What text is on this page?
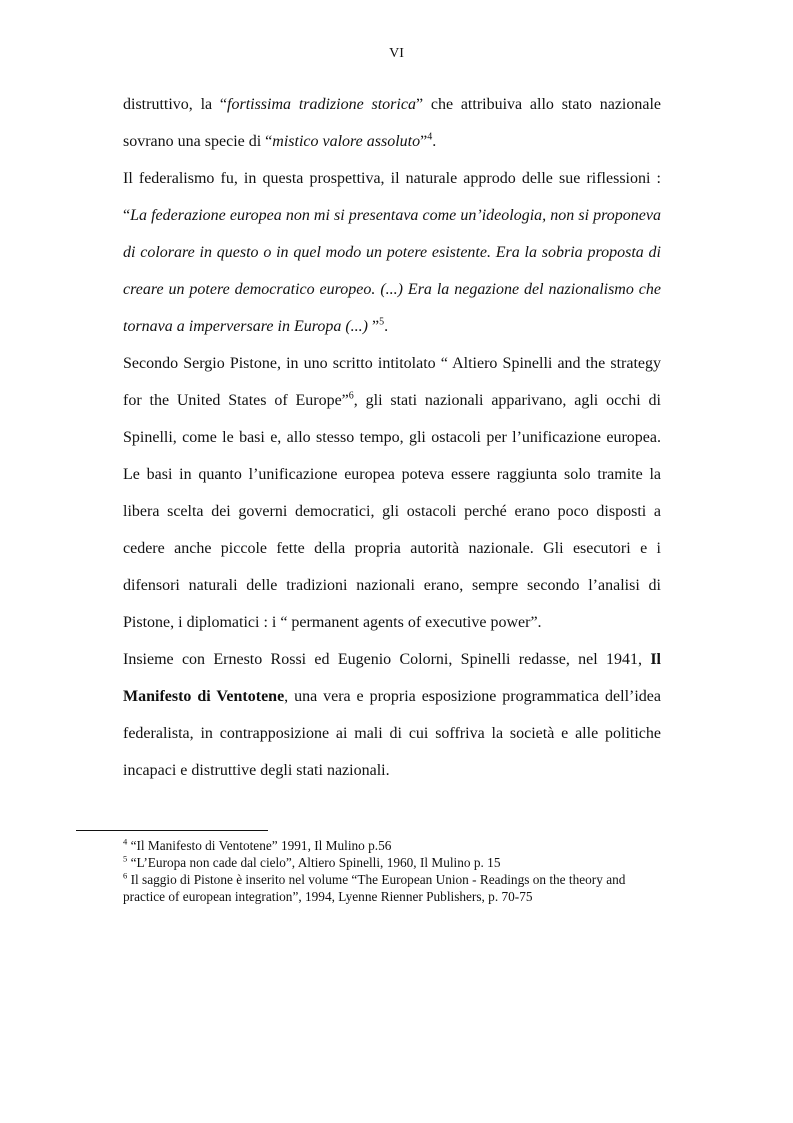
VI

distruttivo, la “fortissima tradizione storica” che attribuiva allo stato nazionale sovrano una specie di “mistico valore assoluto”$^4$.

Il federalismo fu, in questa prospettiva, il naturale approdo delle sue riflessioni : “La federazione europea non mi si presentava come un’ideologia, non si proponeva di colorare in questo o in quel modo un potere esistente. Era la sobria proposta di creare un potere democratico europeo. (...) Era la negazione del nazionalismo che tornava a imperversare in Europa (...) ”$^5$.

Secondo Sergio Pistone, in uno scritto intitolato “ Altiero Spinelli and the strategy for the United States of Europe”$^6$, gli stati nazionali apparivano, agli occhi di Spinelli, come le basi e, allo stesso tempo, gli ostacoli per l’unificazione europea. Le basi in quanto l’unificazione europea poteva essere raggiunta solo tramite la libera scelta dei governi democratici, gli ostacoli perché erano poco disposti a cedere anche piccole fette della propria autorità nazionale. Gli esecutori e i difensori naturali delle tradizioni nazionali erano, sempre secondo l’analisi di Pistone, i diplomatici : i “ permanent agents of executive power”.

Insieme con Ernesto Rossi ed Eugenio Colorni, Spinelli redasse, nel 1941, Il Manifesto di Ventotene, una vera e propria esposizione programmatica dell’idea federalista, in contrapposizione ai mali di cui soffriva la società e alle politiche incapaci e distruttive degli stati nazionali.

$^4$ “Il Manifesto di Ventotene” 1991, Il Mulino p.56

$^5$ “L’Europa non cade dal cielo”, Altiero Spinelli, 1960, Il Mulino p. 15

$^6$ Il saggio di Pistone è inserito nel volume “The European Union - Readings on the theory and practice of european integration”, 1994, Lyenne Rienner Publishers, p. 70-75
